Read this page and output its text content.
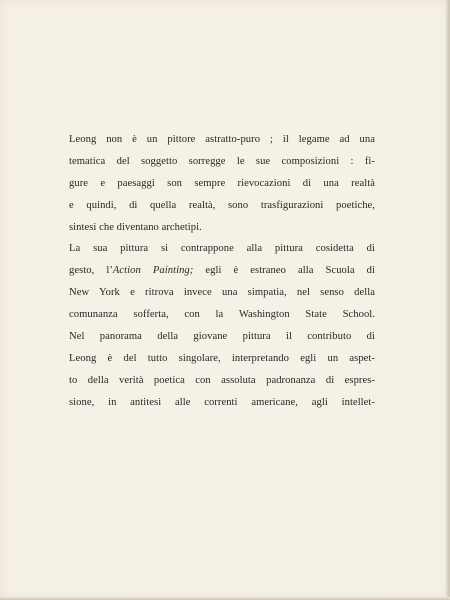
Leong non è un pittore astratto-puro ; il legame ad una
tematica del soggetto sorregge le sue composizioni : fi-
gure e paesaggi son sempre rievocazioni di una realtà
e quindi, di quella realtà, sono trasfigurazioni poetiche,
sintesi che diventano archetipi.
La sua pittura si contrappone alla pittura cosidetta di
gesto, l’Action Painting; egli è estraneo alla Scuola di
New York e ritrova invece una simpatia, nel senso della
comunanza sofferta, con la Washington State School.
Nel panorama della giovane pittura il contributo di
Leong è del tutto singolare, interpretando egli un aspet-
to della verità poetica con assoluta padronanza di espres-
sione, in antitesi alle correnti americane, agli intellet-
